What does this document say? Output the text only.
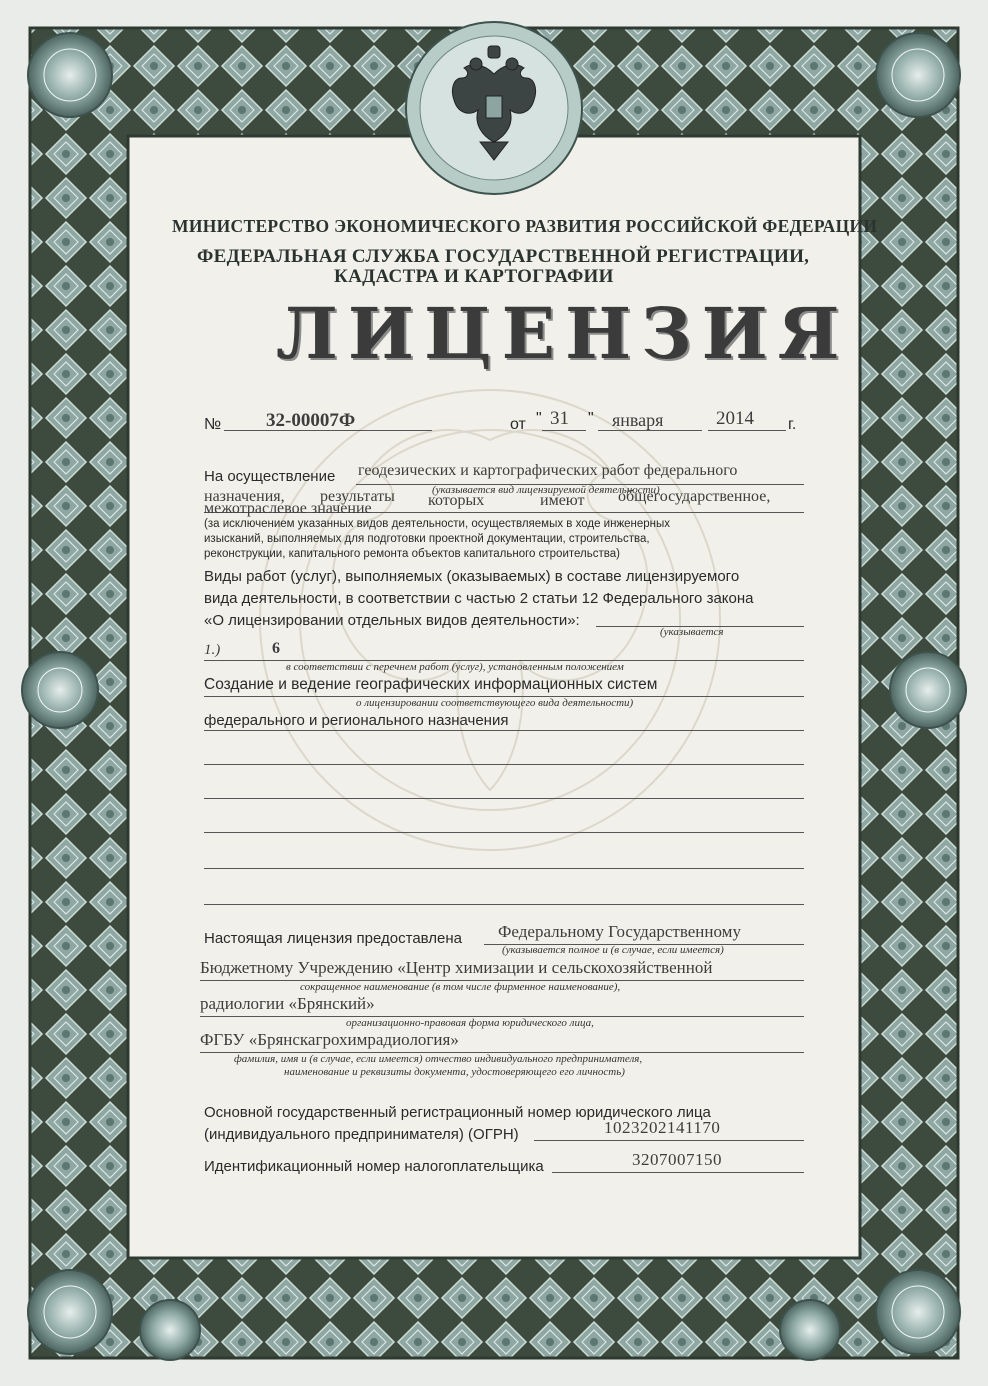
МИНИСТЕРСТВО ЭКОНОМИЧЕСКОГО РАЗВИТИЯ РОССИЙСКОЙ ФЕДЕРАЦИИ
ФЕДЕРАЛЬНАЯ СЛУЖБА ГОСУДАРСТВЕННОЙ РЕГИСТРАЦИИ,
КАДАСТРА И КАРТОГРАФИИ
ЛИЦЕНЗИЯ
№ 32-00007Ф	от " 31 " января	2014 г.
На осуществление геодезических и картографических работ федерального
(указывается вид лицензируемой деятельности)
назначения, результаты которых	имеют общегосударственное,
межотраслевое значение
(за исключением указанных видов деятельности, осуществляемых в ходе инженерных
изысканий, выполняемых для подготовки проектной документации, строительства,
реконструкции, капитального ремонта объектов капитального строительства)
Виды работ (услуг), выполняемых (оказываемых) в составе лицензируемого
вида деятельности, в соответствии с частью 2 статьи 12 Федерального закона
«О лицензировании отдельных видов деятельности»:
(указывается
1.)	6
в соответствии с перечнем работ (услуг), установленным положением
Создание и ведение географических информационных систем
о лицензировании соответствующего вида деятельности)
федерального и регионального назначения
Настоящая лицензия предоставлена Федеральному Государственному
(указывается полное и (в случае, если имеется)
Бюджетному Учреждению «Центр химизации и сельскохозяйственной
сокращенное наименование (в том числе фирменное наименование),
радиологии «Брянский»
организационно-правовая форма юридического лица,
ФГБУ «Брянскагрохимрадиология»
фамилия, имя и (в случае, если имеется) отчество индивидуального предпринимателя,
наименование и реквизиты документа, удостоверяющего его личность)
Основной государственный регистрационный номер юридического лица
(индивидуального предпринимателя) (ОГРН)	1023202141170
Идентификационный номер налогоплательщика	3207007150
